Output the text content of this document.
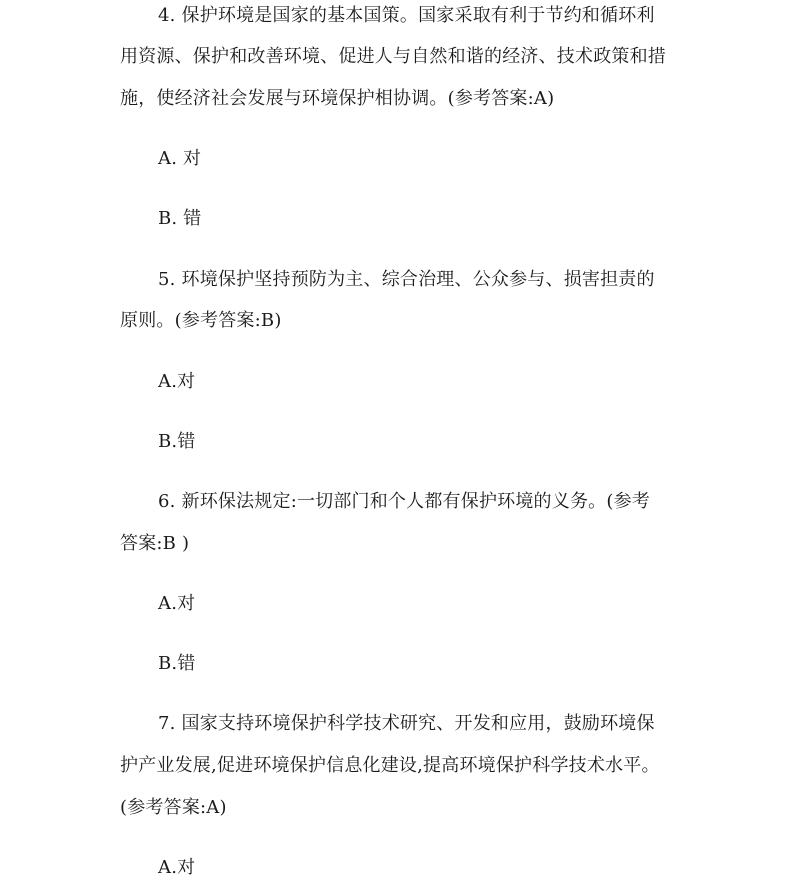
4. 保护环境是国家的基本国策。国家采取有利于节约和循环利
用资源、保护和改善环境、促进人与自然和谐的经济、技术政策和措
施，使经济社会发展与环境保护相协调。(参考答案:A)
A. 对
B. 错
5. 环境保护坚持预防为主、综合治理、公众参与、损害担责的
原则。(参考答案:B)
A.对
B.错
6. 新环保法规定:一切部门和个人都有保护环境的义务。(参考
答案:B )
A.对
B.错
7. 国家支持环境保护科学技术研究、开发和应用，鼓励环境保
护产业发展,促进环境保护信息化建设,提高环境保护科学技术水平。
(参考答案:A)
A.对
